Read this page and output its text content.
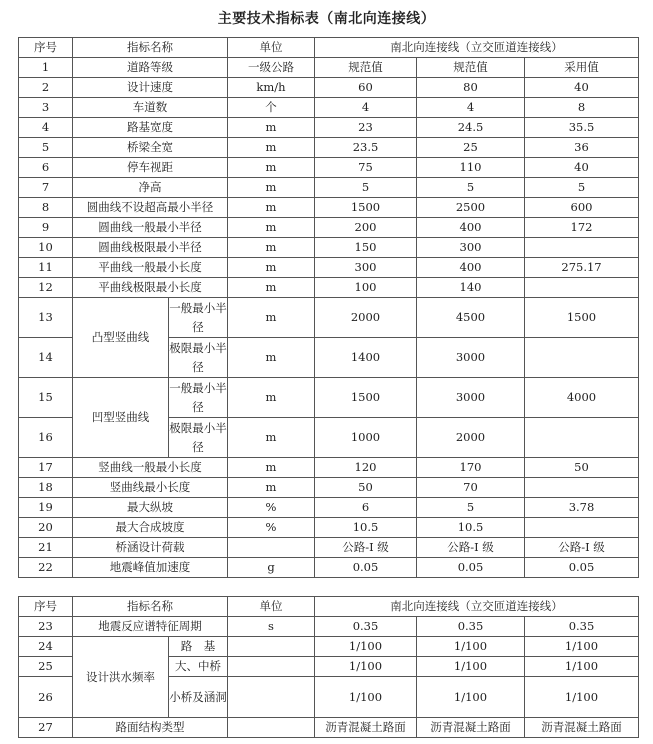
主要技术指标表（南北向连接线）
序号	指标名称		单位	南北向连接线（立交匝道连接线）		
1	道路等级		一级公路	规范值	规范值	采用值
2	设计速度		km/h	60	80	40
3	车道数		个	4	4	8
4	路基宽度		m	23	24.5	35.5
5	桥梁全宽		m	23.5	25	36
6	停车视距		m	75	110	40
7	净高		m	5	5	5
8	圆曲线不设超高最小半径		m	1500	2500	600
9	圆曲线一般最小半径		m	200	400	172
10	圆曲线极限最小半径		m	150	300	
11	平曲线一般最小长度		m	300	400	275.17
12	平曲线极限最小长度		m	100	140	
13	凸型竖曲线	一般最小半径	m	2000	4500	1500
14		极限最小半径	m	1400	3000	
15	凹型竖曲线	一般最小半径	m	1500	3000	4000
16		极限最小半径	m	1000	2000	
17	竖曲线一般最小长度		m	120	170	50
18	竖曲线最小长度		m	50	70	
19	最大纵坡		%	6	5	3.78
20	最大合成坡度		%	10.5	10.5	
21	桥涵设计荷载			公路-I 级	公路-I 级	公路-I 级
22	地震峰值加速度		g	0.05	0.05	0.05
序号	指标名称		单位	南北向连接线（立交匝道连接线）		
23	地震反应谱特征周期		s	0.35	0.35	0.35
24	设计洪水频率	路　基		1/100	1/100	1/100
25		大、中桥		1/100	1/100	1/100
26		小桥及涵洞		1/100	1/100	1/100
27	路面结构类型			沥青混凝土路面	沥青混凝土路面	沥青混凝土路面
